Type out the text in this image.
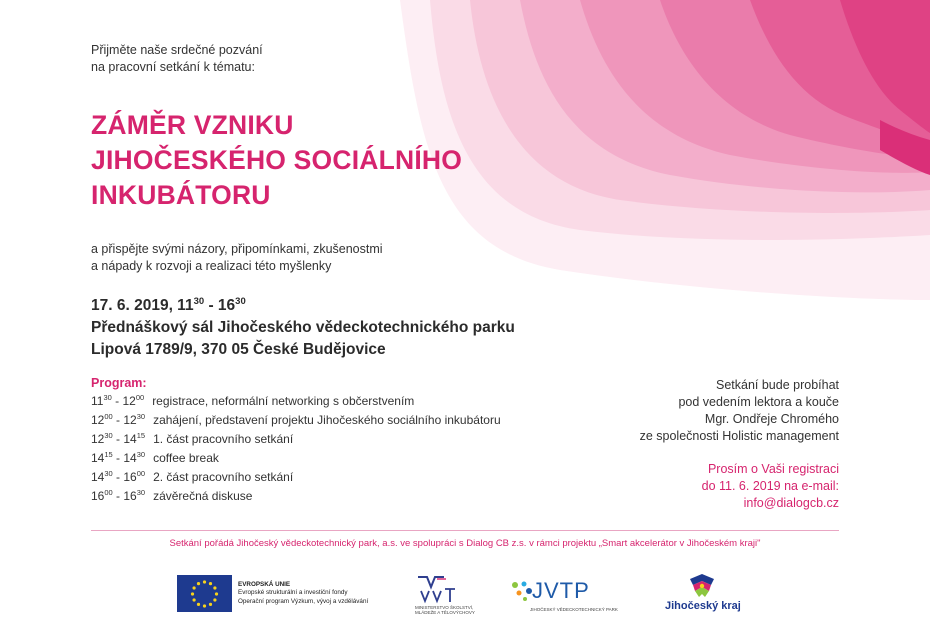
Přijměte naše srdečné pozvání
na pracovní setkání k tématu:
ZÁMĚR VZNIKU
JIHOČESKÉHO SOCIÁLNÍHO
INKUBÁTORU
a přispějte svými názory, připomínkami, zkušenostmi
a nápady k rozvoji a realizaci této myšlenky
17. 6. 2019, $11^{30} - 16^{30}$
Přednáškový sál Jihočeského vědeckotechnického parku
Lipová 1789/9, 370 05 České Budějovice
Program:
$11^{30} - 12^{00}$ registrace, neformální networking s občerstvením
$12^{00} - 12^{30}$ zahájení, představení projektu Jihočeského sociálního inkubátoru
$12^{30} - 14^{15}$ 1. část pracovního setkání
$14^{15} - 14^{30}$ coffee break
$14^{30} - 16^{00}$ 2. část pracovního setkání
$16^{00} - 16^{30}$ závěrečná diskuse
Setkání bude probíhat
pod vedením lektora a kouče
Mgr. Ondřeje Chromého
ze společnosti Holistic management
Prosím o Vaši registraci
do 11. 6. 2019 na e-mail:
info@dialogcb.cz
Setkání pořádá Jihočeský vědeckotechnický park, a.s. ve spolupráci s Dialog CB z.s. v rámci projektu „Smart akcelerátor v Jihočeském kraji"
EVROPSKÁ UNIE
Evropské strukturální a investiční fondy
Operační program Výzkum, vývoj a vzdělávání
MINISTERSTVO ŠKOLSTVÍ,
MLÁDEŽE A TĚLOVÝCHOVY
JVTP
JIHOČESKÝ VĚDECKOTECHNICKÝ PARK	Jihočeský kraj
